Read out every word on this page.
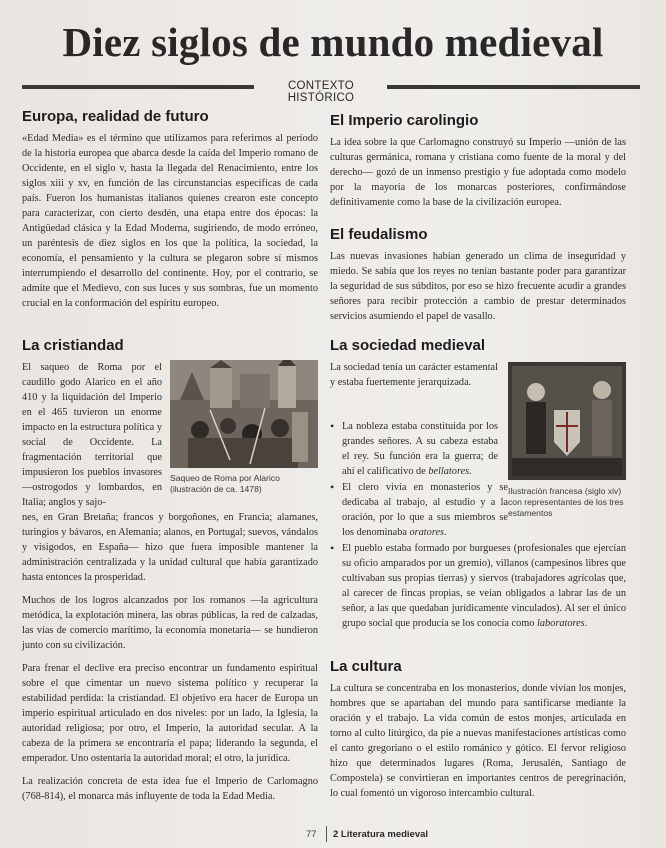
Diez siglos de mundo medieval
CONTEXTO HISTÓRICO
Europa, realidad de futuro
«Edad Media» es el término que utilizamos para referirnos al período de la historia europea que abarca desde la caída del Imperio romano de Occidente, en el siglo v, hasta la llegada del Renacimiento, entre los siglos xiii y xv, en función de las circunstancias específicas de cada país. Fueron los humanistas italianos quienes crearon este concepto para caracterizar, con cierto desdén, una etapa entre dos épocas: la Antigüedad clásica y la Edad Moderna, sugiriendo, de modo erróneo, un paréntesis de diez siglos en los que la política, la sociedad, la economía, el pensamiento y la cultura se plegaron sobre sí mismos interrumpiendo el desarrollo del continente. Hoy, por el contrario, se admite que el Medievo, con sus luces y sus sombras, fue un momento crucial en la conformación del espíritu europeo.
La cristiandad
El saqueo de Roma por el caudillo godo Alarico en el año 410 y la liquidación del Imperio en el 465 tuvieron un enorme impacto en la estructura política y social de Occidente. La fragmentación territorial que impusieron los pueblos invasores —ostrogodos y lombardos, en Italia; anglos y sajo-
Saqueo de Roma por Alarico (ilustración de ca. 1478)
nes, en Gran Bretaña; francos y borgoñones, en Francia; alamanes, turingios y bávaros, en Alemania; alanos, en Portugal; suevos, vándalos y visigodos, en España— hizo que fuera imposible mantener la administración centralizada y la unidad cultural que había garantizado hasta entonces la prosperidad.
Muchos de los logros alcanzados por los romanos —la agricultura metódica, la explotación minera, las obras públicas, la red de calzadas, las vías de comercio marítimo, la economía monetaria— se hundieron junto con su civilización.
Para frenar el declive era preciso encontrar un fundamento espiritual sobre el que cimentar un nuevo sistema político y recuperar la estabilidad perdida: la cristiandad. El objetivo era hacer de Europa un imperio espiritual articulado en dos niveles: por un lado, la Iglesia, la autoridad religiosa; por otro, el Imperio, la autoridad secular. A la cabeza de la primera se encontraría el papa; liderando la segunda, el emperador. Uno ostentaría la autoridad moral; el otro, la jurídica.
La realización concreta de esta idea fue el Imperio de Carlomagno (768-814), el monarca más influyente de toda la Edad Media.
El Imperio carolingio
La idea sobre la que Carlomagno construyó su Imperio —unión de las culturas germánica, romana y cristiana como fuente de la moral y del derecho— gozó de un inmenso prestigio y fue adoptada como modelo por la mayoría de los monarcas posteriores, confirmándose definitivamente como la base de la civilización europea.
El feudalismo
Las nuevas invasiones habían generado un clima de inseguridad y miedo. Se sabía que los reyes no tenían bastante poder para garantizar la seguridad de sus súbditos, por eso se hizo frecuente acudir a grandes señores para recibir protección a cambio de prestar determinados servicios asumiendo el papel de vasallo.
La sociedad medieval
La sociedad tenía un carácter estamental y estaba fuertemente jerarquizada.
Ilustración francesa (siglo xiv) con representantes de los tres estamentos
• La nobleza estaba constituida por los grandes señores. A su cabeza estaba el rey. Su función era la guerra; de ahí el calificativo de bellatores.
• El clero vivía en monasterios y se dedicaba al trabajo, al estudio y a la oración, por lo que a sus miembros se los denominaba oratores.
• El pueblo estaba formado por burgueses (profesionales que ejercían su oficio amparados por un gremio), villanos (campesinos libres que cultivaban sus propias tierras) y siervos (trabajadores agrícolas que, al carecer de fincas propias, se veían obligados a labrar las de un señor, a las que quedaban jurídicamente vinculados). Al ser el único grupo social que producía se los conocía como laboratores.
La cultura
La cultura se concentraba en los monasterios, donde vivían los monjes, hombres que se apartaban del mundo para santificarse mediante la oración y el trabajo. La vida común de estos monjes, articulada en torno al culto litúrgico, da pie a nuevas manifestaciones artísticas como el canto gregoriano o el estilo románico y gótico. El fervor religioso hizo que determinados lugares (Roma, Jerusalén, Santiago de Compostela) se convirtieran en importantes centros de peregrinación, lo cual fomentó un vigoroso intercambio cultural.
77 2 Literatura medieval
